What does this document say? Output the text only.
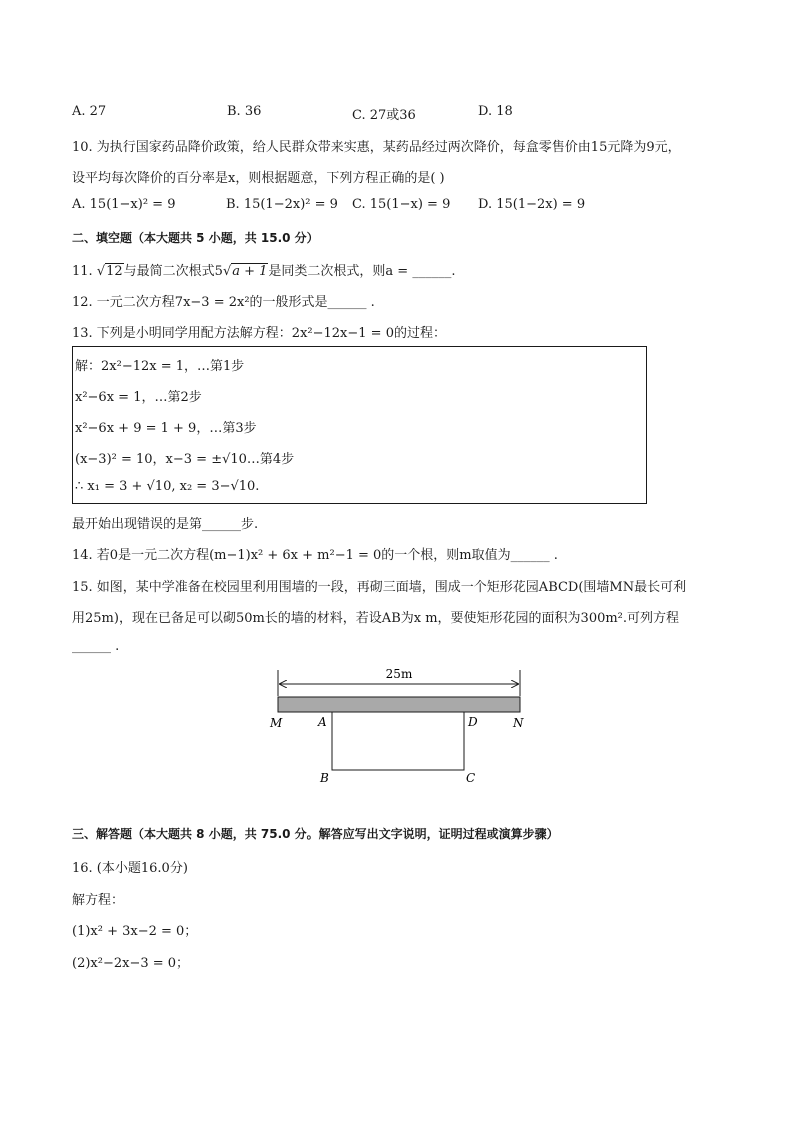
A. 27	B. 36	C. 27或36	D. 18
10. 为执行国家药品降价政策，给人民群众带来实惠，某药品经过两次降价，每盒零售价由15元降为9元，
设平均每次降价的百分率是x，则根据题意，下列方程正确的是( )
A. 15(1−x)² = 9	B. 15(1−2x)² = 9 C. 15(1−x) = 9 D. 15(1−2x) = 9
二、填空题（本大题共 5 小题，共 15.0 分）
11. √12与最简二次根式5√a + 1是同类二次根式，则a = ______.
12. 一元二次方程7x−3 = 2x²的一般形式是______ .
13. 下列是小明同学用配方法解方程：2x²−12x−1 = 0的过程：
解：2x²−12x = 1，…第1步
x²−6x = 1，…第2步
x²−6x + 9 = 1 + 9，…第3步
(x−3)² = 10，x−3 = ±√10…第4步
∴ x₁ = 3 + √10, x₂ = 3−√10.
最开始出现错误的是第______步.
14. 若0是一元二次方程(m−1)x² + 6x + m²−1 = 0的一个根，则m取值为______ .
15. 如图，某中学准备在校园里利用围墙的一段，再砌三面墙，围成一个矩形花园ABCD(围墙MN最长可利
用25m)，现在已备足可以砌50m长的墙的材料，若设AB为x m，要使矩形花园的面积为300m².可列方程
______ .
25m
M	A	D	N
B	C
三、解答题（本大题共 8 小题，共 75.0 分。解答应写出文字说明，证明过程或演算步骤）
16. (本小题16.0分)
解方程：
(1)x² + 3x−2 = 0；
(2)x²−2x−3 = 0；
